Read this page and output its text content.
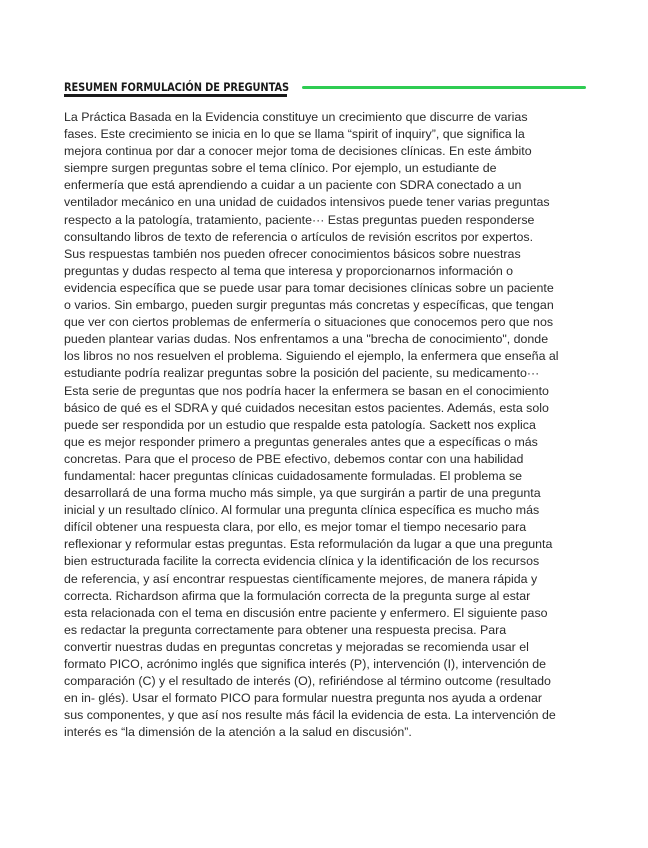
RESUMEN FORMULACIÓN DE PREGUNTAS

La Práctica Basada en la Evidencia constituye un crecimiento que discurre de varias
fases. Este crecimiento se inicia en lo que se llama “spirit of inquiry”, que significa la
mejora continua por dar a conocer mejor toma de decisiones clínicas. En este ámbito
siempre surgen preguntas sobre el tema clínico. Por ejemplo, un estudiante de
enfermería que está aprendiendo a cuidar a un paciente con SDRA conectado a un
ventilador mecánico en una unidad de cuidados intensivos puede tener varias preguntas
respecto a la patología, tratamiento, paciente··· Estas preguntas pueden responderse
consultando libros de texto de referencia o artículos de revisión escritos por expertos.
Sus respuestas también nos pueden ofrecer conocimientos básicos sobre nuestras
preguntas y dudas respecto al tema que interesa y proporcionarnos información o
evidencia específica que se puede usar para tomar decisiones clínicas sobre un paciente
o varios. Sin embargo, pueden surgir preguntas más concretas y específicas, que tengan
que ver con ciertos problemas de enfermería o situaciones que conocemos pero que nos
pueden plantear varias dudas. Nos enfrentamos a una "brecha de conocimiento", donde
los libros no nos resuelven el problema. Siguiendo el ejemplo, la enfermera que enseña al
estudiante podría realizar preguntas sobre la posición del paciente, su medicamento···
Esta serie de preguntas que nos podría hacer la enfermera se basan en el conocimiento
básico de qué es el SDRA y qué cuidados necesitan estos pacientes. Además, esta solo
puede ser respondida por un estudio que respalde esta patología. Sackett nos explica
que es mejor responder primero a preguntas generales antes que a específicas o más
concretas. Para que el proceso de PBE efectivo, debemos contar con una habilidad
fundamental: hacer preguntas clínicas cuidadosamente formuladas. El problema se
desarrollará de una forma mucho más simple, ya que surgirán a partir de una pregunta
inicial y un resultado clínico. Al formular una pregunta clínica específica es mucho más
difícil obtener una respuesta clara, por ello, es mejor tomar el tiempo necesario para
reflexionar y reformular estas preguntas. Esta reformulación da lugar a que una pregunta
bien estructurada facilite la correcta evidencia clínica y la identificación de los recursos
de referencia, y así encontrar respuestas científicamente mejores, de manera rápida y
correcta. Richardson afirma que la formulación correcta de la pregunta surge al estar
esta relacionada con el tema en discusión entre paciente y enfermero. El siguiente paso
es redactar la pregunta correctamente para obtener una respuesta precisa. Para
convertir nuestras dudas en preguntas concretas y mejoradas se recomienda usar el
formato PICO, acrónimo inglés que significa interés (P), intervención (I), intervención de
comparación (C) y el resultado de interés (O), refiriéndose al término outcome (resultado
en in- glés). Usar el formato PICO para formular nuestra pregunta nos ayuda a ordenar
sus componentes, y que así nos resulte más fácil la evidencia de esta. La intervención de
interés es “la dimensión de la atención a la salud en discusión”.
